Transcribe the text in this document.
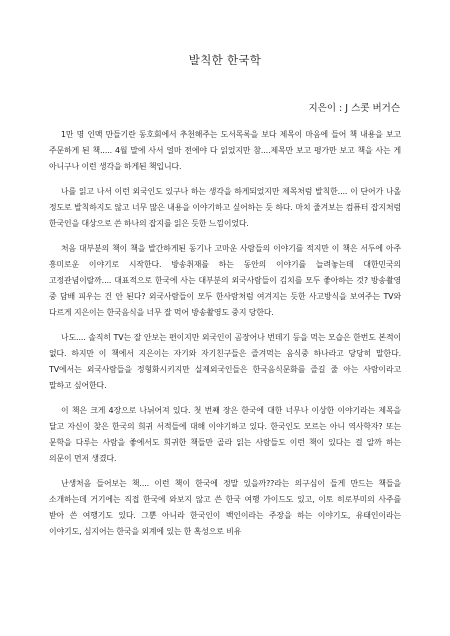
발칙한 한국학

지은이 : J 스콧 버거슨

1만 명 인맥 만들기란 동호회에서 추천해주는 도서목록을 보다 제목이 마음에 들어 책 내용을 보고 주문하게 된 책..... 4월 말에 사서 얼마 전에야 다 읽었지만 참....제목만 보고 평가만 보고 책을 사는 게 아니구나 이런 생각을 하게된 책입니다.

나를 읽고 나서 이런 외국인도 있구나 하는 생각을 하게되었지만 제목처럼 발칙한.... 이 단어가 나올 정도로 발칙하지도 않고 너무 많은 내용을 이야기하고 싶어하는 듯 하다. 마치 줄겨보는 컴퓨터 잡지처럼 한국인을 대상으로 쓴 하나의 잡지를 읽은 듯한 느낌이었다.

처음 대부분의 책이 책을 발간하게된 동기나 고마운 사람들의 이야기를 적지만 이 책은 서두에 아주 흥미로운 이야기로 시작한다. 방송취재를 하는 동안의 이야기를 늘려놓는데 대한민국의 고정관념이랄까.... 대표적으로 한국에 사는 대부분의 외국사람들이 김치를 모두 좋아하는 것? 방송촬영 중 담배 피우는 건 안 된다? 외국사람들이 모두 한사람처럼 여겨지는 듯한 사고방식을 보여주는 TV와 다르게 지은이는 한국음식을 너무 잘 먹어 방송촬영도 중지 당한다.

나도.... 솔직히 TV는 잘 안보는 편이지만 외국인이 곰장어나 번데기 등을 먹는 모습은 한번도 본적이 없다. 하지만 이 책에서 지은이는 자기와 자기친구들은 즐겨먹는 음식중 하나라고 당당히 말한다. TV에서는 외국사람들을 정형화시키지만 실제외국인들은 한국음식문화를 즐길 줄 아는 사람이라고 말하고 싶어한다.

이 책은 크게 4장으로 나뉘어져 있다. 첫 번째 장은 한국에 대한 너무나 이상한 이야기라는 제목을 달고 자신이 찾은 한국의 희귀 서적들에 대해 이야기하고 있다. 한국인도 모르는 아니 역사학자? 또는 문학을 다루는 사람을 좋에서도 희귀한 책들만 골라 읽는 사람들도 이런 책이 있다는 걸 알까 하는 의문이 먼저 생겼다.

난생처음 들어보는 책.... 이런 책이 한국에 정말 있을까??라는 의구심이 들게 만드는 책들을 소개하는데 거기에는 직접 한국에 와보지 않고 쓴 한국 여행 가이드도 있고, 이토 히로부미의 사주를 받아 쓴 여행기도 있다. 그뿐 아니라 한국인이 백인이라는 주장을 하는 이야기도, 유태인이라는 이야기도, 심지어는 한국을 외계에 있는 한 혹성으로 비유
